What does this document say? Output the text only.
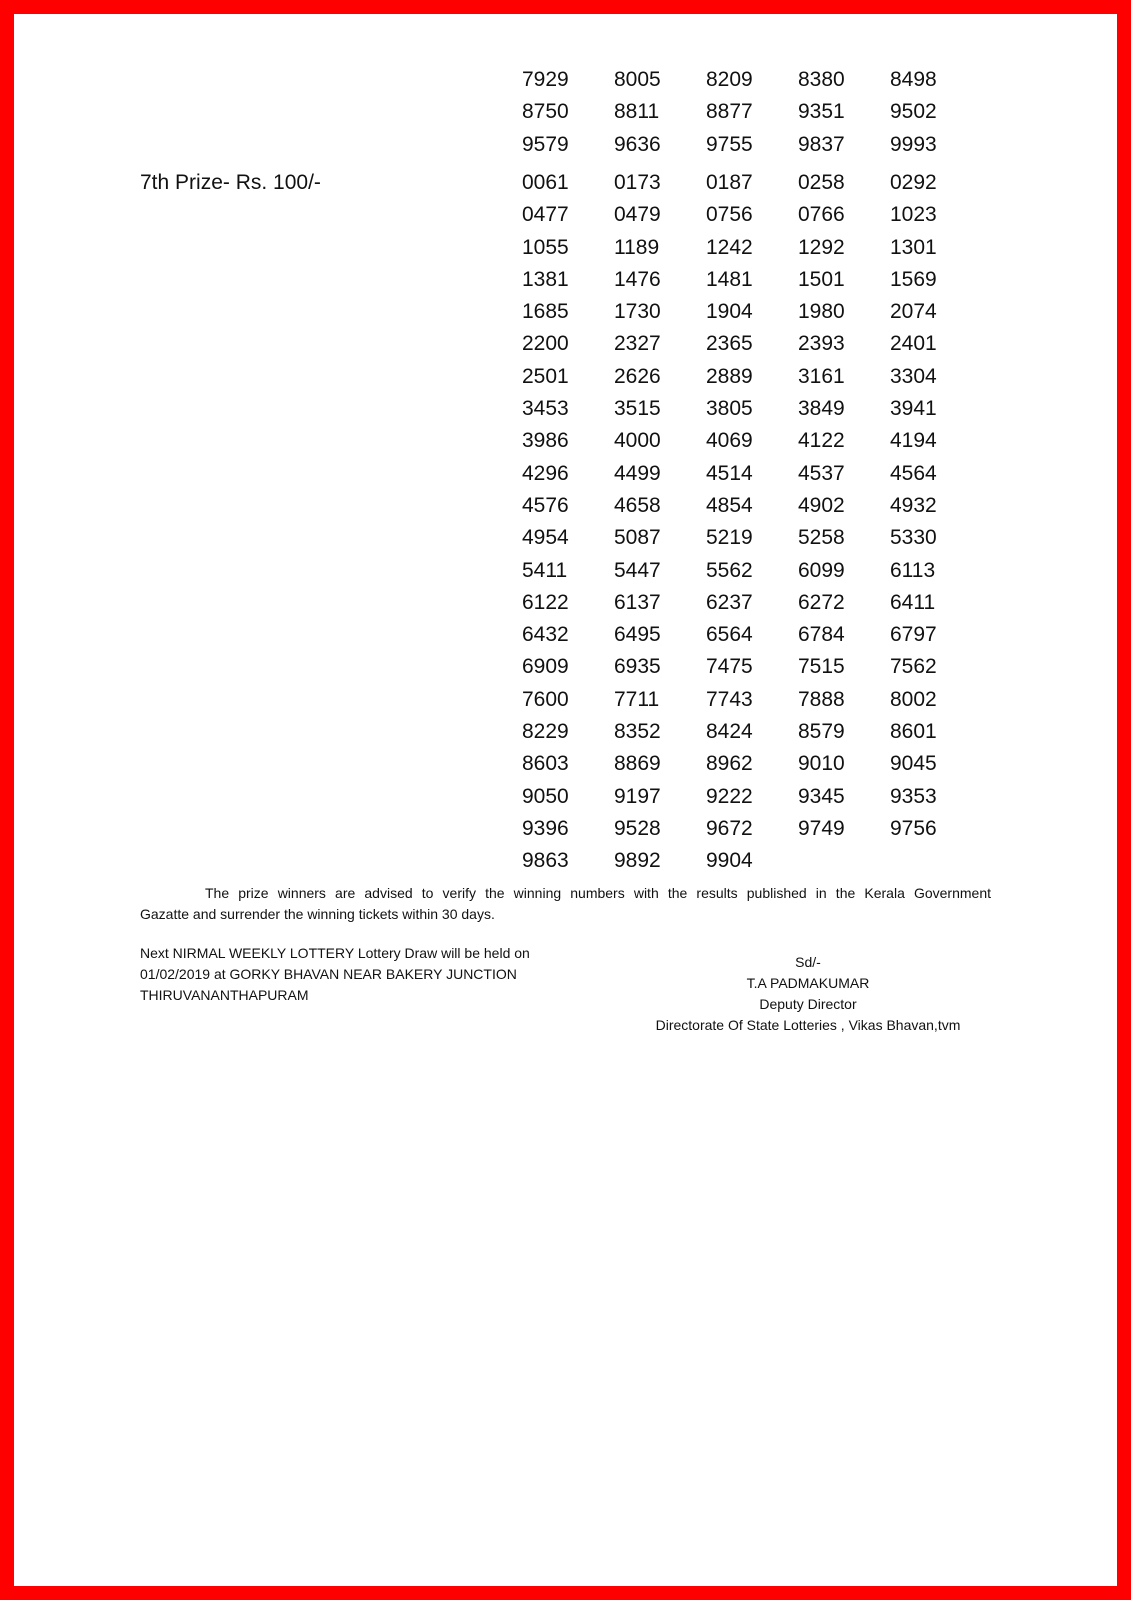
7929	8005	8209	8380	8498
8750	8811	8877	9351	9502
9579	9636	9755	9837	9993
7th Prize- Rs. 100/-	0061	0173	0187	0258	0292
0477	0479	0756	0766	1023
1055	1189	1242	1292	1301
1381	1476	1481	1501	1569
1685	1730	1904	1980	2074
2200	2327	2365	2393	2401
2501	2626	2889	3161	3304
3453	3515	3805	3849	3941
3986	4000	4069	4122	4194
4296	4499	4514	4537	4564
4576	4658	4854	4902	4932
4954	5087	5219	5258	5330
5411	5447	5562	6099	6113
6122	6137	6237	6272	6411
6432	6495	6564	6784	6797
6909	6935	7475	7515	7562
7600	7711	7743	7888	8002
8229	8352	8424	8579	8601
8603	8869	8962	9010	9045
9050	9197	9222	9345	9353
9396	9528	9672	9749	9756
9863	9892	9904
The prize winners are advised to verify the winning numbers with the results published in the Kerala Government
Gazatte and surrender the winning tickets within 30 days.
Next NIRMAL WEEKLY LOTTERY Lottery Draw will be held on
01/02/2019 at GORKY BHAVAN NEAR BAKERY JUNCTION
THIRUVANANTHAPURAM
Sd/-
T.A PADMAKUMAR
Deputy Director
Directorate Of State Lotteries , Vikas Bhavan,tvm
